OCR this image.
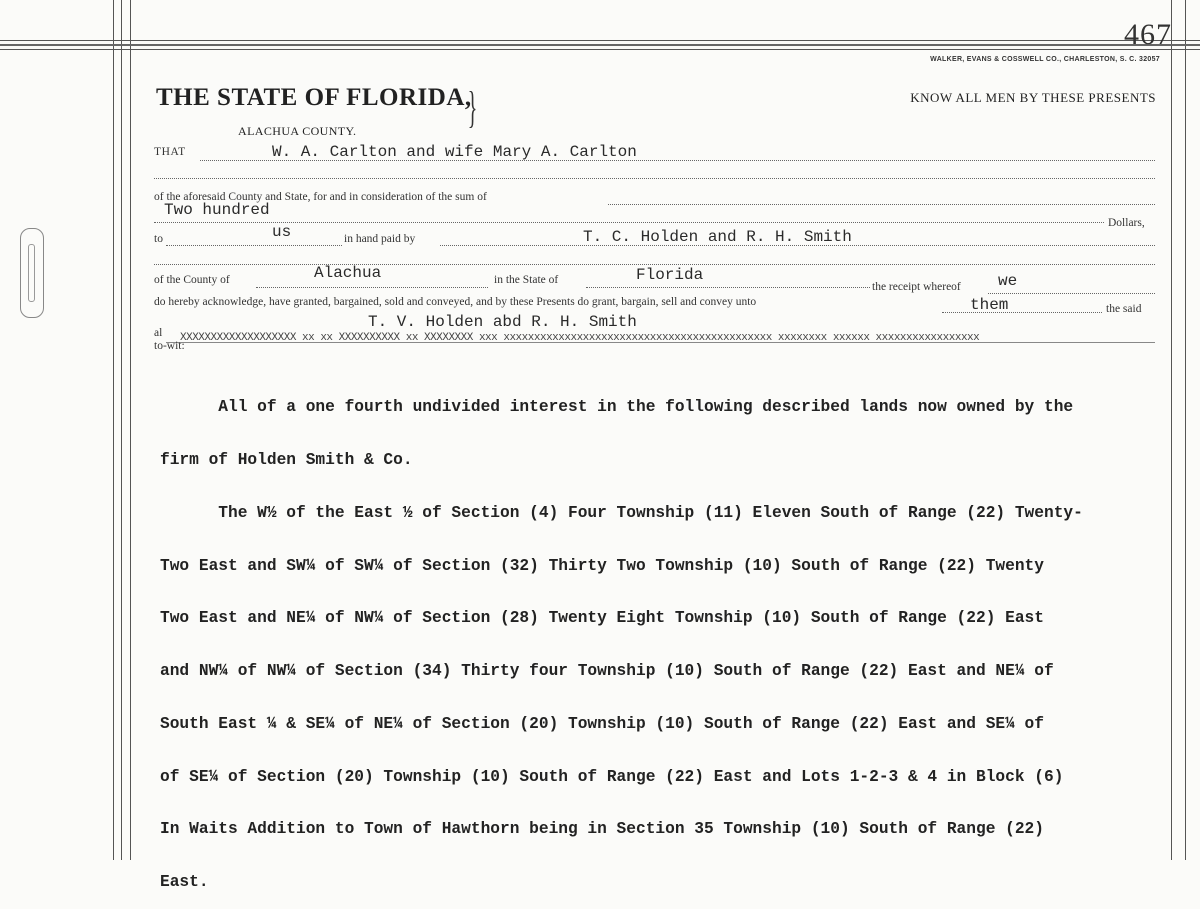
467
WALKER, EVANS & COSSWELL CO., CHARLESTON, S. C. 32057
THE STATE OF FLORIDA,
}	KNOW ALL MEN BY THESE PRESENTS
ALACHUA COUNTY.
THAT	W. A. Carlton and wife Mary A. Carlton
of the aforesaid County and State, for and in consideration of the sum of
Two hundred
Dollars,
to	us	in hand paid by	T. C. Holden and R. H. Smith
of the County of	Alachua	in the State of	Florida
the receipt whereof we
do hereby acknowledge, have granted, bargained, sold and conveyed, and by these Presents do grant, bargain, sell and convey unto	them	the said
al
T. V. Holden abd R. H. Smith
XXXXXXXXXXXXXXXXXXX xx xx XXXXXXXXXX xx XXXXXXXX xxx xxxxxxxxxxxxxxxxxxxxxxxxxxxxxxxxxxxxxxxxxxxx xxxxxxxx xxxxxx xxxxxxxxxxxxxxxxx
to-wit:

All of a one fourth undivided interest in the following described lands now owned by the

firm of Holden Smith & Co.

The W½ of the East ½ of Section (4) Four Township (11) Eleven South of Range (22) Twenty-

Two East and SW¼ of SW¼ of Section (32) Thirty Two Township (10) South of Range (22) Twenty

Two East and NE¼ of NW¼ of Section (28) Twenty Eight Township (10) South of Range (22) East

and NW¼ of NW¼ of Section (34) Thirty four Township (10) South of Range (22) East and NE¼ of

South East ¼ & SE¼ of NE¼ of Section (20) Township (10) South of Range (22) East and SE¼ of

of SE¼ of Section (20) Township (10) South of Range (22) East and Lots 1-2-3 & 4 in Block (6)

In Waits Addition to Town of Hawthorn being in Section 35 Township (10) South of Range (22)

East.
